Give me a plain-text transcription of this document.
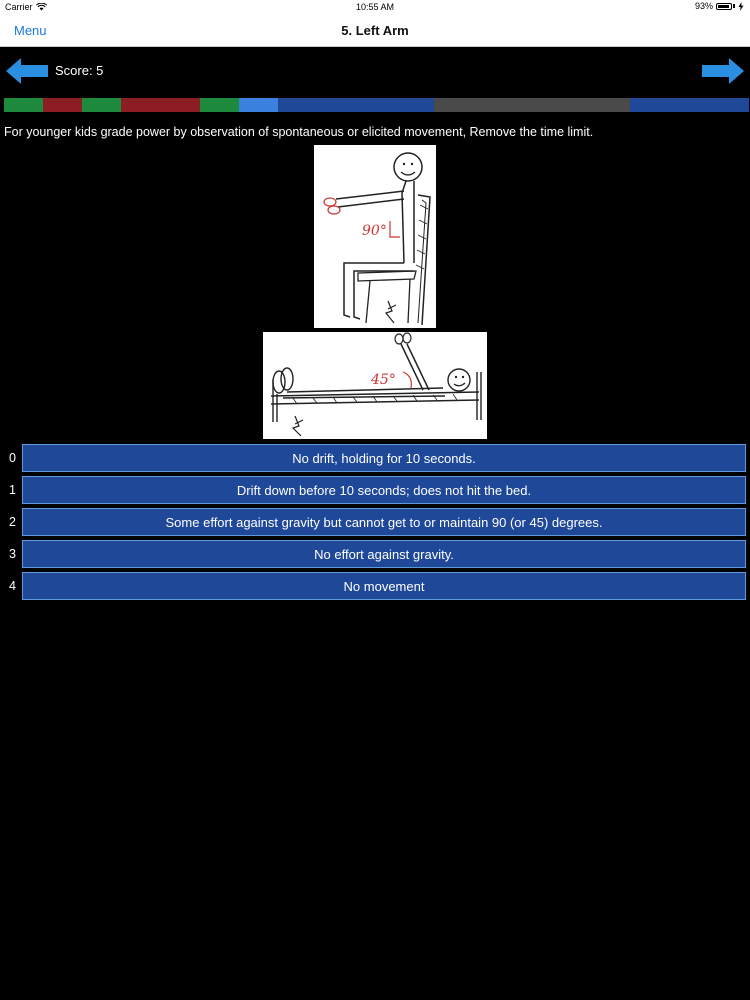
Carrier	10:55 AM	93%
Menu	5. Left Arm
Score: 5
For younger kids grade power by observation of spontaneous or elicited movement, Remove the time limit.
90°
45°
0	No drift, holding for 10 seconds.
1	Drift down before 10 seconds; does not hit the bed.
2	Some effort against gravity but cannot get to or maintain 90 (or 45) degrees.
3	No effort against gravity.
4	No movement
